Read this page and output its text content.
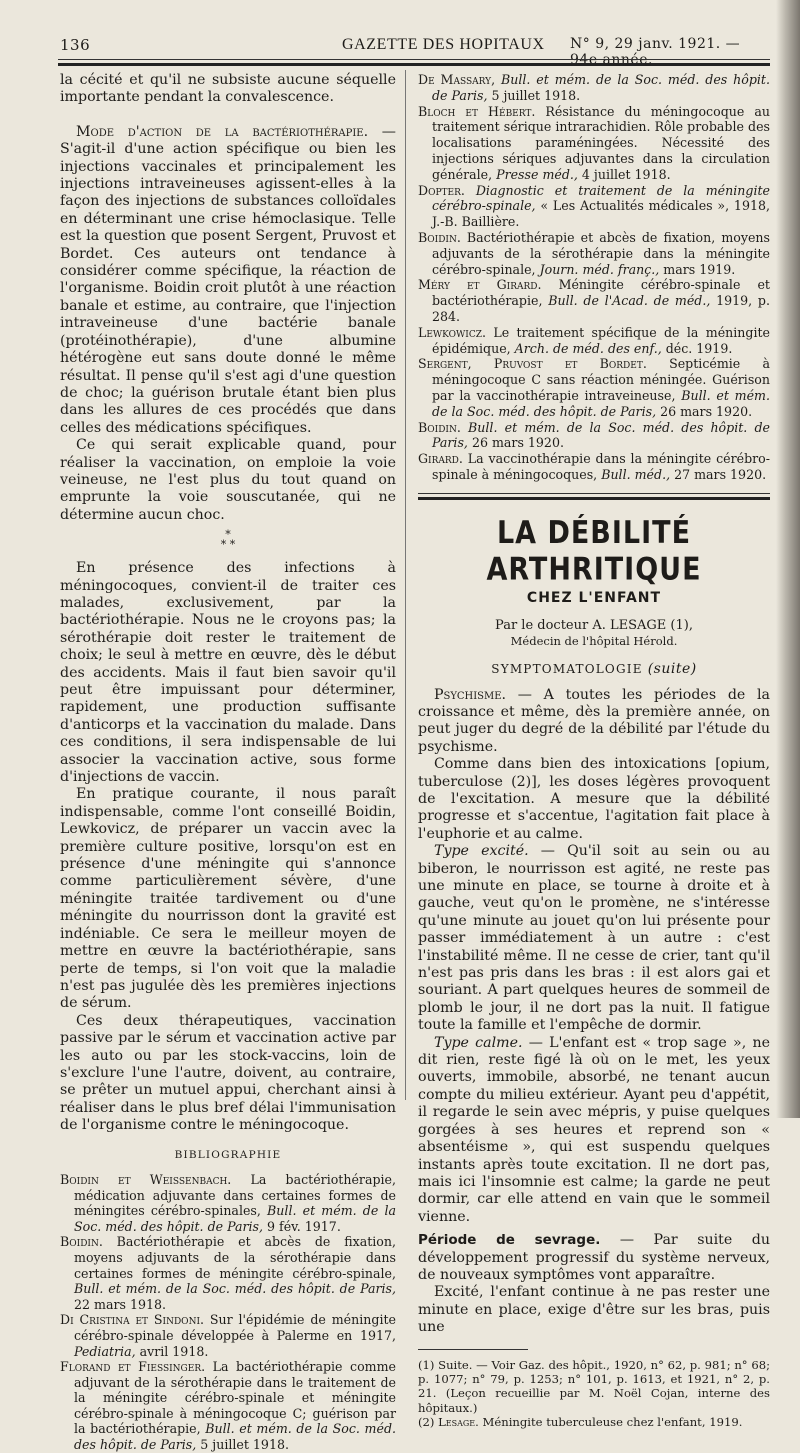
136	GAZETTE DES HOPITAUX N° 9, 29 janv. 1921. — 94e année.

la cécité et qu'il ne subsiste aucune séquelle importante pendant la convalescence.

Mode d'action de la bactériothérapie. — S'agit-il d'une action spécifique ou bien les injections vaccinales et principalement les injections intraveineuses agissent-elles à la façon des injections de substances colloïdales en déterminant une crise hémoclasique. Telle est la question que posent Sergent, Pruvost et Bordet. Ces auteurs ont tendance à considérer comme spécifique, la réaction de l'organisme. Boidin croit plutôt à une réaction banale et estime, au contraire, que l'injection intraveineuse d'une bactérie banale (protéinothérapie), d'une albumine hétérogène eut sans doute donné le même résultat. Il pense qu'il s'est agi d'une question de choc; la guérison brutale étant bien plus dans les allures de ces procédés que dans celles des médications spécifiques.

Ce qui serait explicable quand, pour réaliser la vaccination, on emploie la voie veineuse, ne l'est plus du tout quand on emprunte la voie souscutanée, qui ne détermine aucun choc.

*
* *

En présence des infections à méningocoques, convient-il de traiter ces malades, exclusivement, par la bactériothérapie. Nous ne le croyons pas; la sérothérapie doit rester le traitement de choix; le seul à mettre en œuvre, dès le début des accidents. Mais il faut bien savoir qu'il peut être impuissant pour déterminer, rapidement, une production suffisante d'anticorps et la vaccination du malade. Dans ces conditions, il sera indispensable de lui associer la vaccination active, sous forme d'injections de vaccin.

En pratique courante, il nous paraît indispensable, comme l'ont conseillé Boidin, Lewkovicz, de préparer un vaccin avec la première culture positive, lorsqu'on est en présence d'une méningite qui s'annonce comme particulièrement sévère, d'une méningite traitée tardivement ou d'une méningite du nourrisson dont la gravité est indéniable. Ce sera le meilleur moyen de mettre en œuvre la bactériothérapie, sans perte de temps, si l'on voit que la maladie n'est pas jugulée dès les premières injections de sérum.

Ces deux thérapeutiques, vaccination passive par le sérum et vaccination active par les auto ou par les stock-vaccins, loin de s'exclure l'une l'autre, doivent, au contraire, se prêter un mutuel appui, cherchant ainsi à réaliser dans le plus bref délai l'immunisation de l'organisme contre le méningocoque.

BIBLIOGRAPHIE

Boidin et Weissenbach. La bactériothérapie, médication adjuvante dans certaines formes de méningites cérébro-spinales, Bull. et mém. de la Soc. méd. des hôpit. de Paris, 9 fév. 1917.

Boidin. Bactériothérapie et abcès de fixation, moyens adjuvants de la sérothérapie dans certaines formes de méningite cérébro-spinale, Bull. et mém. de la Soc. méd. des hôpit. de Paris, 22 mars 1918.

Di Cristina et Sindoni. Sur l'épidémie de méningite cérébro-spinale développée à Palerme en 1917, Pediatria, avril 1918.

Florand et Fiessinger. La bactériothérapie comme adjuvant de la sérothérapie dans le traitement de la méningite cérébro-spinale et méningite cérébro-spinale à méningocoque C; guérison par la bactériothérapie, Bull. et mém. de la Soc. méd. des hôpit. de Paris, 5 juillet 1918.

De Massary, Bull. et mém. de la Soc. méd. des hôpit. de Paris, 5 juillet 1918.

Bloch et Hébert. Résistance du méningocoque au traitement sérique intrarachidien. Rôle probable des localisations paraméningées. Nécessité des injections sériques adjuvantes dans la circulation générale, Presse méd., 4 juillet 1918.

Dopter. Diagnostic et traitement de la méningite cérébro-spinale, « Les Actualités médicales », 1918, J.-B. Baillière.

Boidin. Bactériothérapie et abcès de fixation, moyens adjuvants de la sérothérapie dans la méningite cérébro-spinale, Journ. méd. franç., mars 1919.

Méry et Girard. Méningite cérébro-spinale et bactériothérapie, Bull. de l'Acad. de méd., 1919, p. 284.

Lewkowicz. Le traitement spécifique de la méningite épidémique, Arch. de méd. des enf., déc. 1919.

Sergent, Pruvost et Bordet. Septicémie à méningocoque C sans réaction méningée. Guérison par la vaccinothérapie intraveineuse, Bull. et mém. de la Soc. méd. des hôpit. de Paris, 26 mars 1920.

Boidin. Bull. et mém. de la Soc. méd. des hôpit. de Paris, 26 mars 1920.

Girard. La vaccinothérapie dans la méningite cérébro-spinale à méningocoques, Bull. méd., 27 mars 1920.

LA DÉBILITÉ ARTHRITIQUE
CHEZ L'ENFANT
Par le docteur A. LESAGE (1),
Médecin de l'hôpital Hérold.
SYMPTOMATOLOGIE (suite)

Psychisme. — A toutes les périodes de la croissance et même, dès la première année, on peut juger du degré de la débilité par l'étude du psychisme.

Comme dans bien des intoxications [opium, tuberculose (2)], les doses légères provoquent de l'excitation. A mesure que la débilité progresse et s'accentue, l'agitation fait place à l'euphorie et au calme.

Type excité. — Qu'il soit au sein ou au biberon, le nourrisson est agité, ne reste pas une minute en place, se tourne à droite et à gauche, veut qu'on le promène, ne s'intéresse qu'une minute au jouet qu'on lui présente pour passer immédiatement à un autre : c'est l'instabilité même. Il ne cesse de crier, tant qu'il n'est pas pris dans les bras : il est alors gai et souriant. A part quelques heures de sommeil de plomb le jour, il ne dort pas la nuit. Il fatigue toute la famille et l'empêche de dormir.

Type calme. — L'enfant est « trop sage », ne dit rien, reste figé là où on le met, les yeux ouverts, immobile, absorbé, ne tenant aucun compte du milieu extérieur. Ayant peu d'appétit, il regarde le sein avec mépris, y puise quelques gorgées à ses heures et reprend son « absentéisme », qui est suspendu quelques instants après toute excitation. Il ne dort pas, mais ici l'insomnie est calme; la garde ne peut dormir, car elle attend en vain que le sommeil vienne.

Période de sevrage. — Par suite du développement progressif du système nerveux, de nouveaux symptômes vont apparaître.

Excité, l'enfant continue à ne pas rester une minute en place, exige d'être sur les bras, puis une

(1) Suite. — Voir Gaz. des hôpit., 1920, n° 62, p. 981; n° 68; p. 1077; n° 79, p. 1253; n° 101, p. 1613, et 1921, n° 2, p. 21. (Leçon recueillie par M. Noël Cojan, interne des hôpitaux.)

(2) Lesage. Méningite tuberculeuse chez l'enfant, 1919.
